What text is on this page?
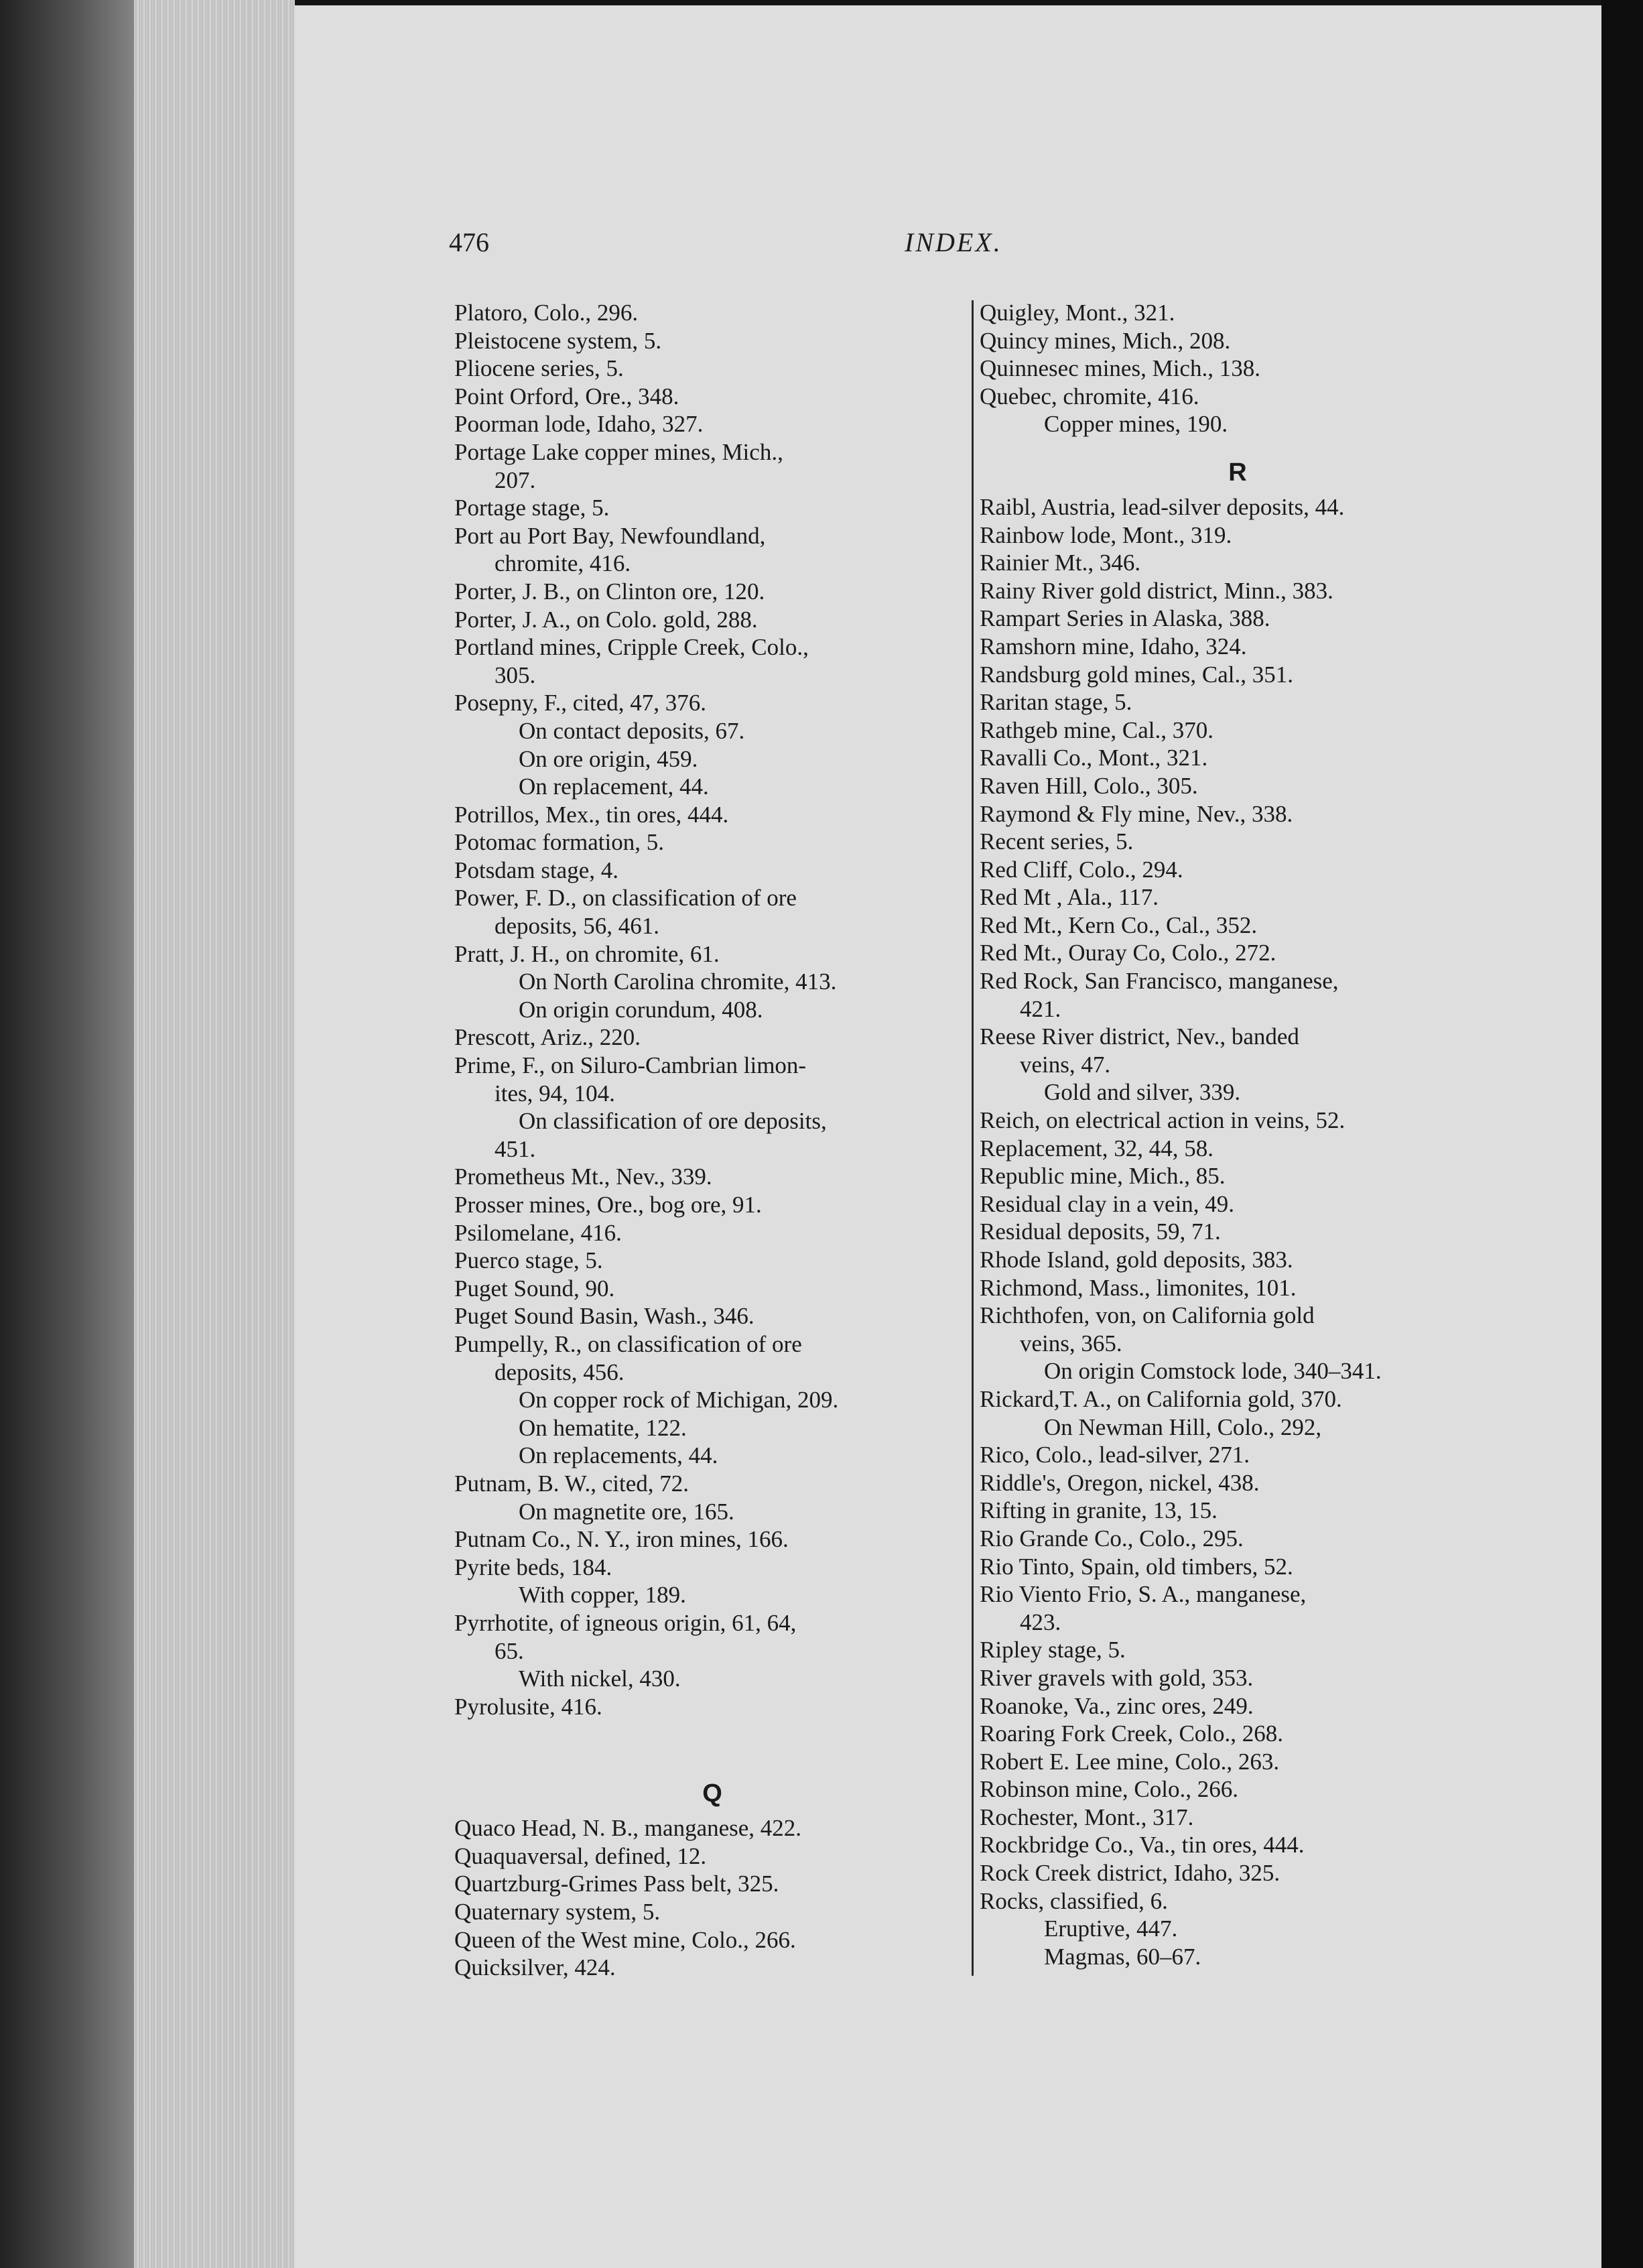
476	INDEX.
Platoro, Colo., 296.
Pleistocene system, 5.
Pliocene series, 5.
Point Orford, Ore., 348.
Poorman lode, Idaho, 327.
Portage Lake copper mines, Mich.,
207.
Portage stage, 5.
Port au Port Bay, Newfoundland,
chromite, 416.
Porter, J. B., on Clinton ore, 120.
Porter, J. A., on Colo. gold, 288.
Portland mines, Cripple Creek, Colo.,
305.
Posepny, F., cited, 47, 376.
On contact deposits, 67.
On ore origin, 459.
On replacement, 44.
Potrillos, Mex., tin ores, 444.
Potomac formation, 5.
Potsdam stage, 4.
Power, F. D., on classification of ore
deposits, 56, 461.
Pratt, J. H., on chromite, 61.
On North Carolina chromite, 413.
On origin corundum, 408.
Prescott, Ariz., 220.
Prime, F., on Siluro-Cambrian limon-
ites, 94, 104.
On classification of ore deposits,
451.
Prometheus Mt., Nev., 339.
Prosser mines, Ore., bog ore, 91.
Psilomelane, 416.
Puerco stage, 5.
Puget Sound, 90.
Puget Sound Basin, Wash., 346.
Pumpelly, R., on classification of ore
deposits, 456.
On copper rock of Michigan, 209.
On hematite, 122.
On replacements, 44.
Putnam, B. W., cited, 72.
On magnetite ore, 165.
Putnam Co., N. Y., iron mines, 166.
Pyrite beds, 184.
With copper, 189.
Pyrrhotite, of igneous origin, 61, 64,
65.
With nickel, 430.
Pyrolusite, 416.
Q
Quaco Head, N. B., manganese, 422.
Quaquaversal, defined, 12.
Quartzburg-Grimes Pass belt, 325.
Quaternary system, 5.
Queen of the West mine, Colo., 266.
Quicksilver, 424.
Quigley, Mont., 321.
Quincy mines, Mich., 208.
Quinnesec mines, Mich., 138.
Quebec, chromite, 416.
Copper mines, 190.
R
Raibl, Austria, lead-silver deposits, 44.
Rainbow lode, Mont., 319.
Rainier Mt., 346.
Rainy River gold district, Minn., 383.
Rampart Series in Alaska, 388.
Ramshorn mine, Idaho, 324.
Randsburg gold mines, Cal., 351.
Raritan stage, 5.
Rathgeb mine, Cal., 370.
Ravalli Co., Mont., 321.
Raven Hill, Colo., 305.
Raymond & Fly mine, Nev., 338.
Recent series, 5.
Red Cliff, Colo., 294.
Red Mt , Ala., 117.
Red Mt., Kern Co., Cal., 352.
Red Mt., Ouray Co, Colo., 272.
Red Rock, San Francisco, manganese,
421.
Reese River district, Nev., banded
veins, 47.
Gold and silver, 339.
Reich, on electrical action in veins, 52.
Replacement, 32, 44, 58.
Republic mine, Mich., 85.
Residual clay in a vein, 49.
Residual deposits, 59, 71.
Rhode Island, gold deposits, 383.
Richmond, Mass., limonites, 101.
Richthofen, von, on California gold
veins, 365.
On origin Comstock lode, 340–341.
Rickard,T. A., on California gold, 370.
On Newman Hill, Colo., 292,
Rico, Colo., lead-silver, 271.
Riddle's, Oregon, nickel, 438.
Rifting in granite, 13, 15.
Rio Grande Co., Colo., 295.
Rio Tinto, Spain, old timbers, 52.
Rio Viento Frio, S. A., manganese,
423.
Ripley stage, 5.
River gravels with gold, 353.
Roanoke, Va., zinc ores, 249.
Roaring Fork Creek, Colo., 268.
Robert E. Lee mine, Colo., 263.
Robinson mine, Colo., 266.
Rochester, Mont., 317.
Rockbridge Co., Va., tin ores, 444.
Rock Creek district, Idaho, 325.
Rocks, classified, 6.
Eruptive, 447.
Magmas, 60–67.
